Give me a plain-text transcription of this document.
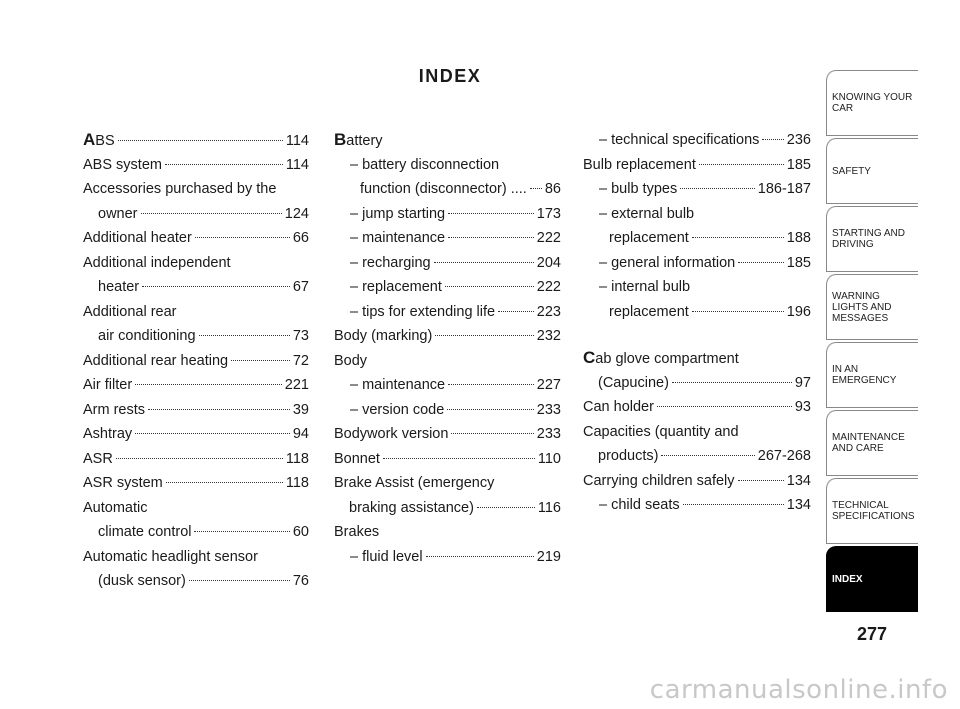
INDEX
ABS	114
ABS system	114
Accessories purchased by the
owner	124
Additional heater	66
Additional independent
heater	67
Additional rear
air conditioning	73
Additional rear heating	72
Air filter	221
Arm rests	39
Ashtray	94
ASR	118
ASR system	118
Automatic
climate control	60
Automatic headlight sensor
(dusk sensor)	76
Battery
– battery disconnection
function (disconnector) .... 86
– jump starting	173
– maintenance	222
– recharging	204
– replacement	222
– tips for extending life	223
Body (marking)	232
Body
– maintenance	227
– version code	233
Bodywork version	233
Bonnet	110
Brake Assist (emergency
braking assistance)	116
Brakes
– fluid level	219
– technical specifications 236
Bulb replacement	185
– bulb types	186-187
– external bulb
replacement	188
– general information	185
– internal bulb
replacement	196
Cab glove compartment
(Capucine)	97
Can holder	93
Capacities (quantity and
products)	267-268
Carrying children safely	134
– child seats	134
KNOWING YOUR CAR
SAFETY
STARTING AND DRIVING
WARNING LIGHTS AND MESSAGES
IN AN EMERGENCY
MAINTENANCE AND CARE
TECHNICAL SPECIFICATIONS
INDEX
277
carmanualsonline.info
